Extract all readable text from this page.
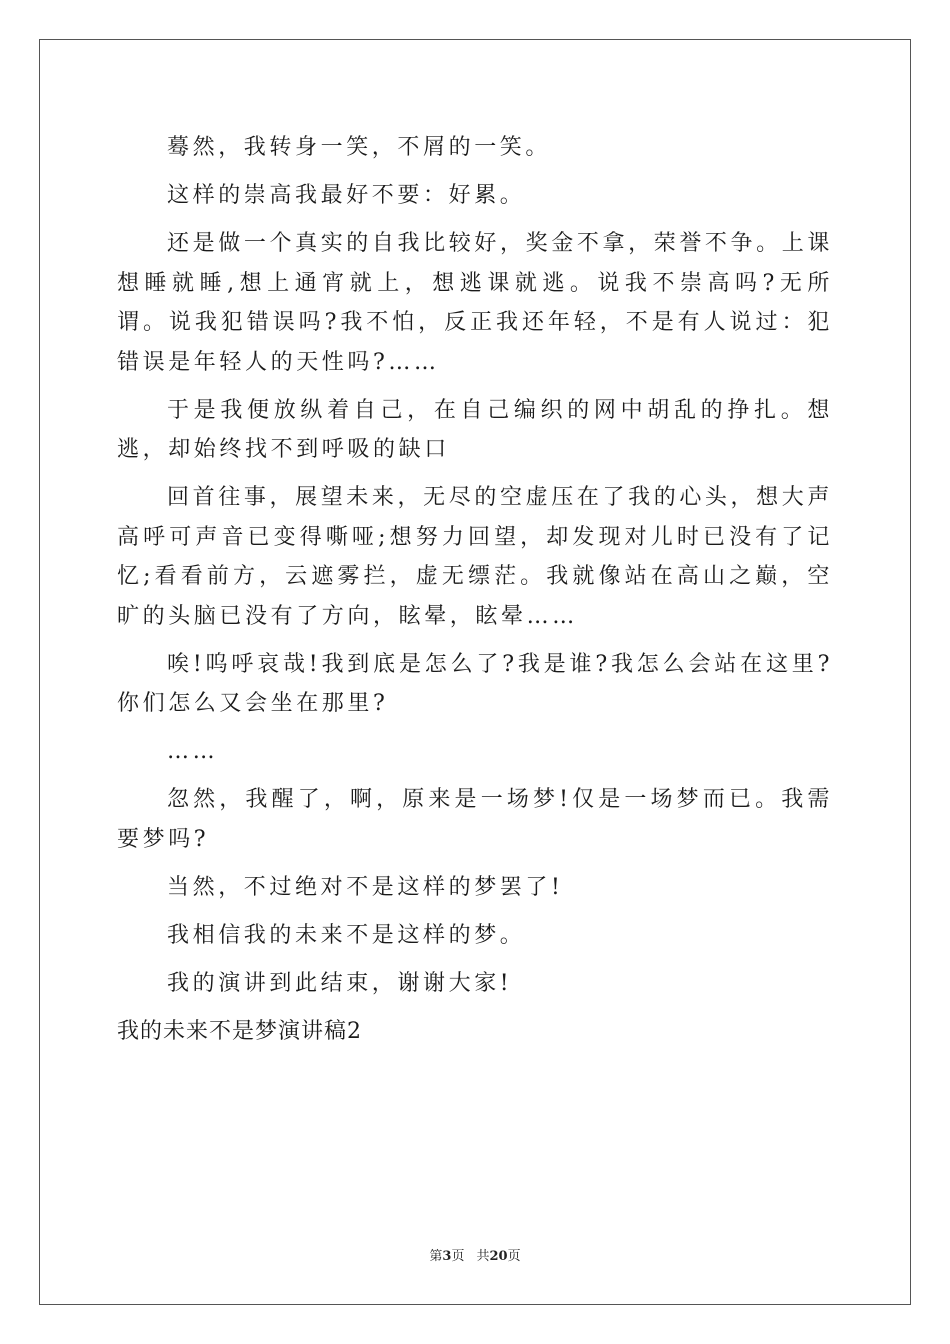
蓦然，我转身一笑，不屑的一笑。

这样的崇高我最好不要：好累。

还是做一个真实的自我比较好，奖金不拿，荣誉不争。上课想睡就睡,想上通宵就上，想逃课就逃。说我不崇高吗?无所谓。说我犯错误吗?我不怕，反正我还年轻，不是有人说过：犯错误是年轻人的天性吗?……

于是我便放纵着自己，在自己编织的网中胡乱的挣扎。想逃，却始终找不到呼吸的缺口

回首往事，展望未来，无尽的空虚压在了我的心头，想大声高呼可声音已变得嘶哑;想努力回望，却发现对儿时已没有了记忆;看看前方，云遮雾拦，虚无缥茫。我就像站在高山之巅，空旷的头脑已没有了方向，眩晕，眩晕……

唉!呜呼哀哉!我到底是怎么了?我是谁?我怎么会站在这里?你们怎么又会坐在那里?

……

忽然，我醒了，啊，原来是一场梦!仅是一场梦而已。我需要梦吗?

当然，不过绝对不是这样的梦罢了!

我相信我的未来不是这样的梦。

我的演讲到此结束，谢谢大家!

我的未来不是梦演讲稿2

第3页 共20页
